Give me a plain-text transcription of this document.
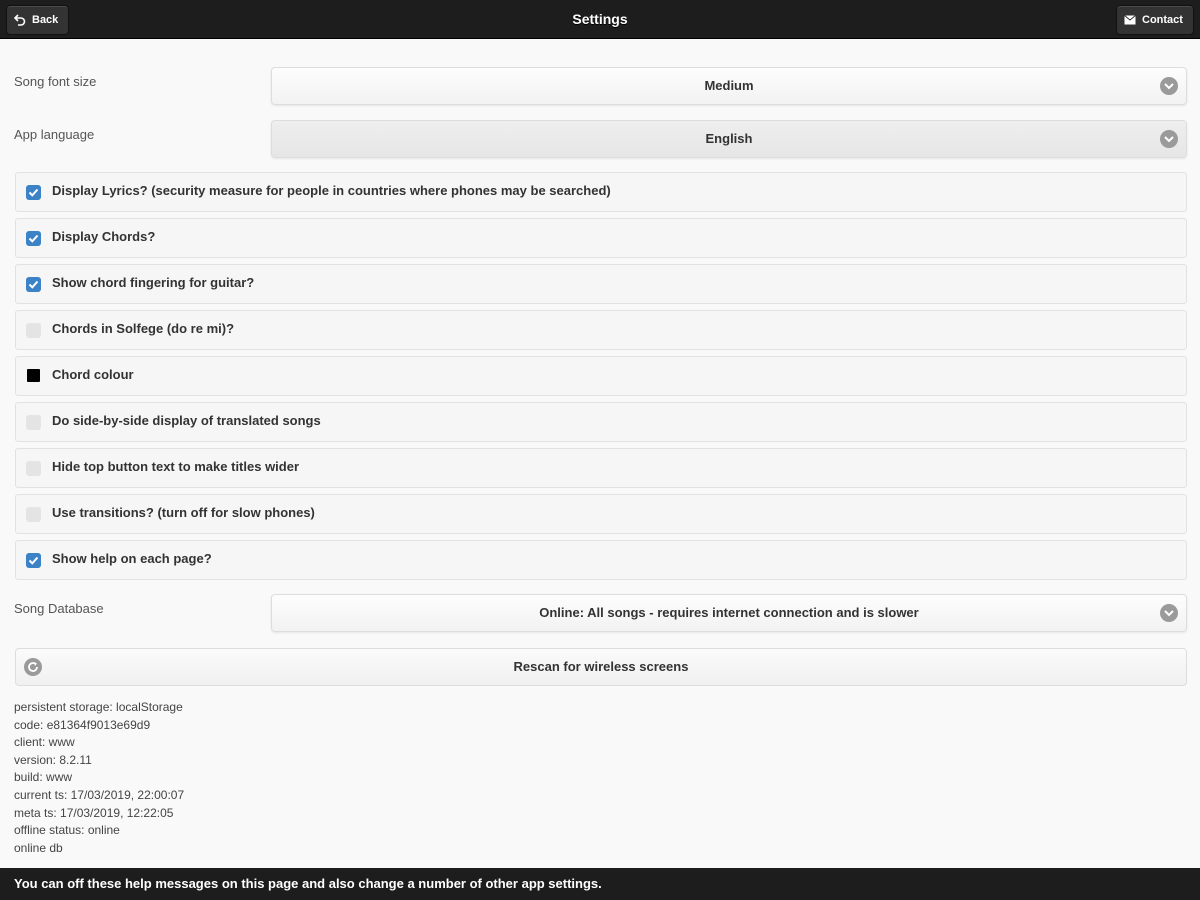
Back	Settings	Contact
Song font size	Medium
App language	English
Display Lyrics? (security measure for people in countries where phones may be searched)
Display Chords?
Show chord fingering for guitar?
Chords in Solfege (do re mi)?
Chord colour
Do side-by-side display of translated songs
Hide top button text to make titles wider
Use transitions? (turn off for slow phones)
Show help on each page?
Song Database	Online: All songs - requires internet connection and is slower
Rescan for wireless screens
persistent storage: localStorage
code: e81364f9013e69d9
client: www
version: 8.2.11
build: www
current ts: 17/03/2019, 22:00:07
meta ts: 17/03/2019, 12:22:05
offline status: online
online db
You can off these help messages on this page and also change a number of other app settings.
